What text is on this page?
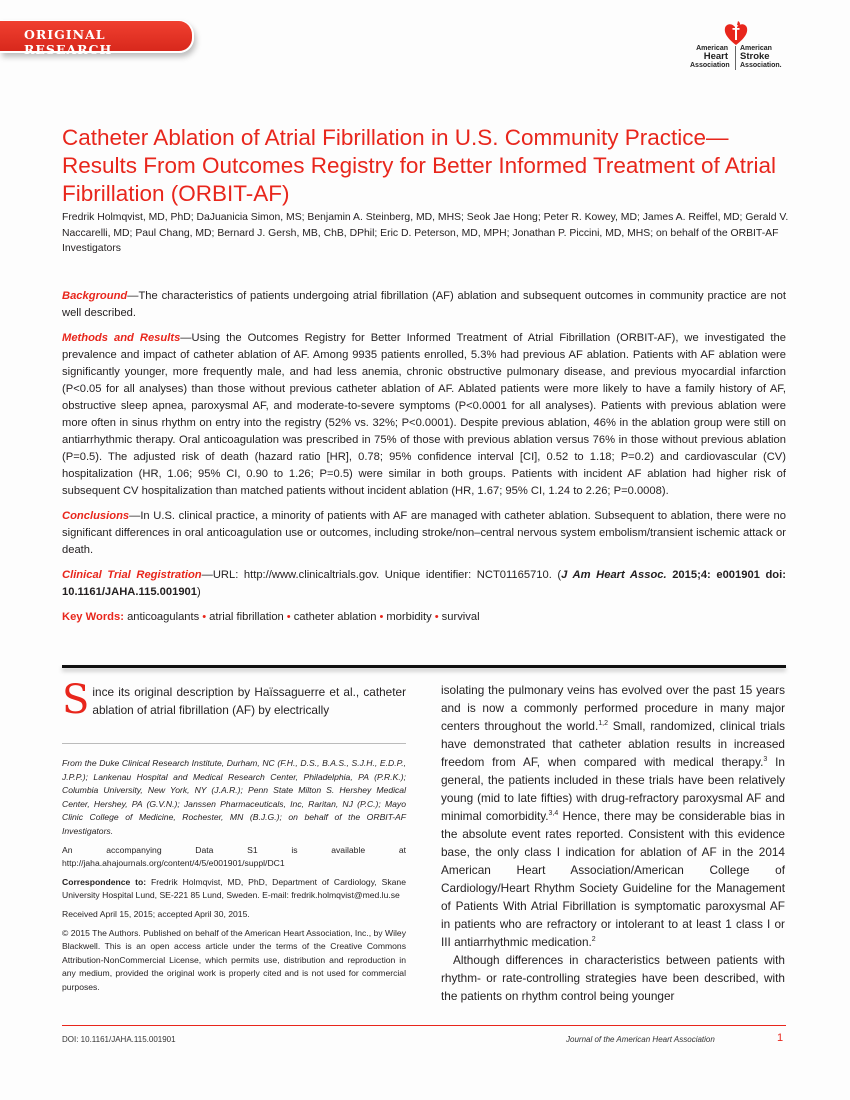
ORIGINAL RESEARCH	American
Heart
Association
American
Stroke
Association.
Catheter Ablation of Atrial Fibrillation in U.S. Community Practice—Results From Outcomes Registry for Better Informed Treatment of Atrial Fibrillation (ORBIT-AF)
Fredrik Holmqvist, MD, PhD; DaJuanicia Simon, MS; Benjamin A. Steinberg, MD, MHS; Seok Jae Hong; Peter R. Kowey, MD; James A. Reiffel, MD; Gerald V. Naccarelli, MD; Paul Chang, MD; Bernard J. Gersh, MB, ChB, DPhil; Eric D. Peterson, MD, MPH; Jonathan P. Piccini, MD, MHS; on behalf of the ORBIT-AF Investigators

Background—The characteristics of patients undergoing atrial fibrillation (AF) ablation and subsequent outcomes in community practice are not well described.

Methods and Results—Using the Outcomes Registry for Better Informed Treatment of Atrial Fibrillation (ORBIT-AF), we investigated the prevalence and impact of catheter ablation of AF. Among 9935 patients enrolled, 5.3% had previous AF ablation. Patients with AF ablation were significantly younger, more frequently male, and had less anemia, chronic obstructive pulmonary disease, and previous myocardial infarction (P<0.05 for all analyses) than those without previous catheter ablation of AF. Ablated patients were more likely to have a family history of AF, obstructive sleep apnea, paroxysmal AF, and moderate-to-severe symptoms (P<0.0001 for all analyses). Patients with previous ablation were more often in sinus rhythm on entry into the registry (52% vs. 32%; P<0.0001). Despite previous ablation, 46% in the ablation group were still on antiarrhythmic therapy. Oral anticoagulation was prescribed in 75% of those with previous ablation versus 76% in those without previous ablation (P=0.5). The adjusted risk of death (hazard ratio [HR], 0.78; 95% confidence interval [CI], 0.52 to 1.18; P=0.2) and cardiovascular (CV) hospitalization (HR, 1.06; 95% CI, 0.90 to 1.26; P=0.5) were similar in both groups. Patients with incident AF ablation had higher risk of subsequent CV hospitalization than matched patients without incident ablation (HR, 1.67; 95% CI, 1.24 to 2.26; P=0.0008).

Conclusions—In U.S. clinical practice, a minority of patients with AF are managed with catheter ablation. Subsequent to ablation, there were no significant differences in oral anticoagulation use or outcomes, including stroke/non–central nervous system embolism/transient ischemic attack or death.

Clinical Trial Registration—URL: http://www.clinicaltrials.gov. Unique identifier: NCT01165710. (J Am Heart Assoc. 2015;4: e001901 doi: 10.1161/JAHA.115.001901)

Key Words: anticoagulants • atrial fibrillation • catheter ablation • morbidity • survival

Since its original description by Haïssaguerre et al., catheter ablation of atrial fibrillation (AF) by electrically

From the Duke Clinical Research Institute, Durham, NC (F.H., D.S., B.A.S., S.J.H., E.D.P., J.P.P.); Lankenau Hospital and Medical Research Center, Philadelphia, PA (P.R.K.); Columbia University, New York, NY (J.A.R.); Penn State Milton S. Hershey Medical Center, Hershey, PA (G.V.N.); Janssen Pharmaceuticals, Inc, Raritan, NJ (P.C.); Mayo Clinic College of Medicine, Rochester, MN (B.J.G.); on behalf of the ORBIT-AF Investigators.

An accompanying Data S1 is available at http://jaha.ahajournals.org/content/4/5/e001901/suppl/DC1

Correspondence to: Fredrik Holmqvist, MD, PhD, Department of Cardiology, Skane University Hospital Lund, SE-221 85 Lund, Sweden. E-mail: fredrik.holmqvist@med.lu.se

Received April 15, 2015; accepted April 30, 2015.

© 2015 The Authors. Published on behalf of the American Heart Association, Inc., by Wiley Blackwell. This is an open access article under the terms of the Creative Commons Attribution-NonCommercial License, which permits use, distribution and reproduction in any medium, provided the original work is properly cited and is not used for commercial purposes.

isolating the pulmonary veins has evolved over the past 15 years and is now a commonly performed procedure in many major centers throughout the world.$^{1,2}$ Small, randomized, clinical trials have demonstrated that catheter ablation results in increased freedom from AF, when compared with medical therapy.$^3$ In general, the patients included in these trials have been relatively young (mid to late fifties) with drug-refractory paroxysmal AF and minimal comorbidity.$^{3,4}$ Hence, there may be considerable bias in the absolute event rates reported. Consistent with this evidence base, the only class I indication for ablation of AF in the 2014 American Heart Association/American College of Cardiology/Heart Rhythm Society Guideline for the Management of Patients With Atrial Fibrillation is symptomatic paroxysmal AF in patients who are refractory or intolerant to at least 1 class I or III antiarrhythmic medication.$^2$

Although differences in characteristics between patients with rhythm- or rate-controlling strategies have been described, with the patients on rhythm control being younger

DOI: 10.1161/JAHA.115.001901	Journal of the American Heart Association	1
